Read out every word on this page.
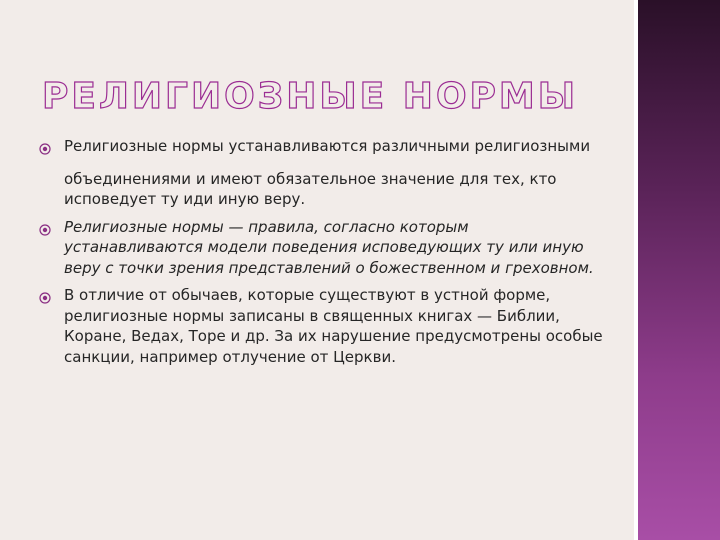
РЕЛИГИОЗНЫЕ НОРМЫ
Религиозные нормы устанавливаются различными религиозными
объединениями и имеют обязательное значение для тех, кто исповедует ту иди иную веру.
Религиозные нормы — правила, согласно которым устанавливаются модели поведения исповедующих ту или иную веру с точки зрения представлений о божественном и греховном.
В отличие от обычаев, которые существуют в устной форме, религиозные нормы записаны в священных книгах — Библии, Коране, Ведах, Торе и др. За их нарушение предусмотрены особые санкции, например отлучение от Церкви.
